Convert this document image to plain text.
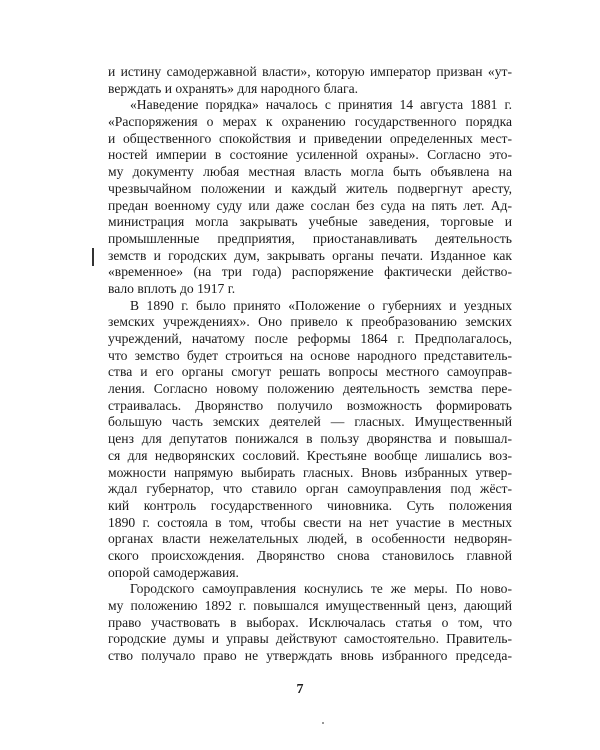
и истину самодержавной власти», которую император призван «ут-
верждать и охранять» для народного блага.
«Наведение порядка» началось с принятия 14 августа 1881 г.
«Распоряжения о мерах к охранению государственного порядка
и общественного спокойствия и приведении определенных мест-
ностей империи в состояние усиленной охраны». Согласно это-
му документу любая местная власть могла быть объявлена на
чрезвычайном положении и каждый житель подвергнут аресту,
предан военному суду или даже сослан без суда на пять лет. Ад-
министрация могла закрывать учебные заведения, торговые и
промышленные предприятия, приостанавливать деятельность
земств и городских дум, закрывать органы печати. Изданное как
«временное» (на три года) распоряжение фактически действо-
вало вплоть до 1917 г.
В 1890 г. было принято «Положение о губерниях и уездных
земских учреждениях». Оно привело к преобразованию земских
учреждений, начатому после реформы 1864 г. Предполагалось,
что земство будет строиться на основе народного представитель-
ства и его органы смогут решать вопросы местного самоуправ-
ления. Согласно новому положению деятельность земства пере-
страивалась. Дворянство получило возможность формировать
большую часть земских деятелей — гласных. Имущественный
ценз для депутатов понижался в пользу дворянства и повышал-
ся для недворянских сословий. Крестьяне вообще лишались воз-
можности напрямую выбирать гласных. Вновь избранных утвер-
ждал губернатор, что ставило орган самоуправления под жёст-
кий контроль государственного чиновника. Суть положения
1890 г. состояла в том, чтобы свести на нет участие в местных
органах власти нежелательных людей, в особенности недворян-
ского происхождения. Дворянство снова становилось главной
опорой самодержавия.
Городского самоуправления коснулись те же меры. По ново-
му положению 1892 г. повышался имущественный ценз, дающий
право участвовать в выборах. Исключалась статья о том, что
городские думы и управы действуют самостоятельно. Правитель-
ство получало право не утверждать вновь избранного председа-
7
